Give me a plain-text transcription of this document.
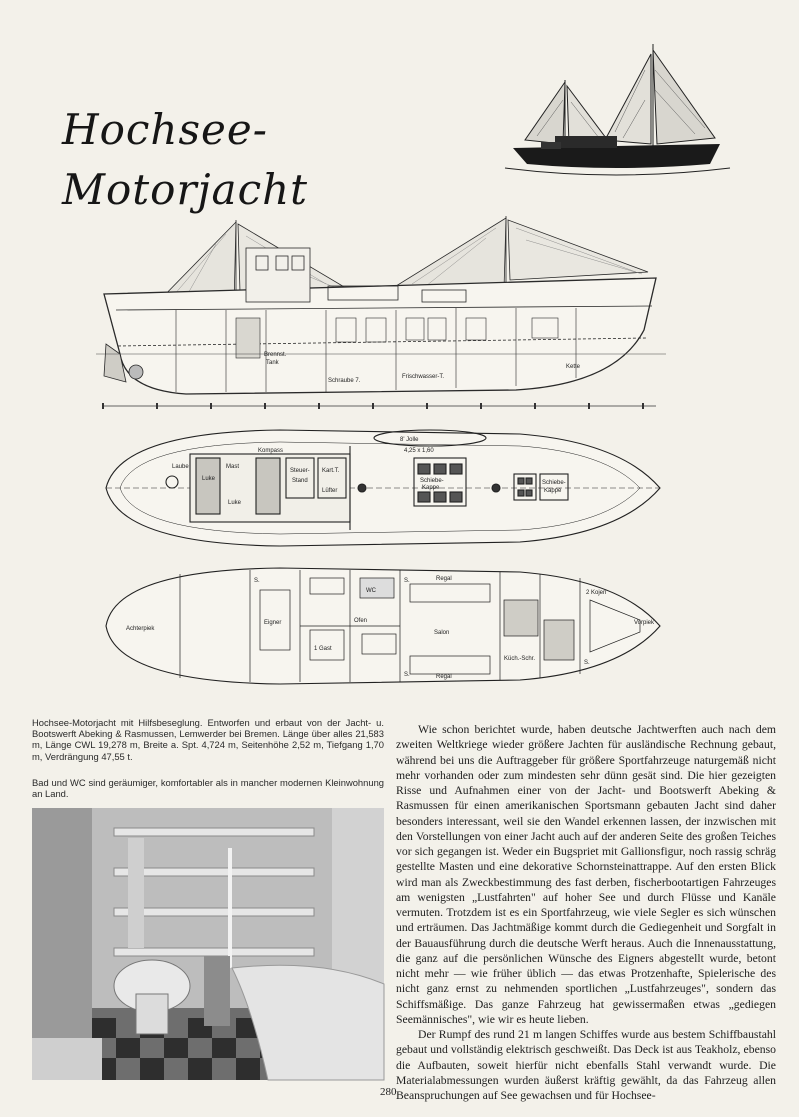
Hochsee-Motorjacht
Brennst.
Tank
Schraube 7.
Frischwasser-T.
Kette
8' Jolle
4,25 x 1,60
Laube
Luke
Luke
Mast
Kompass
Steuer-
Stand
Kart.T.
Lüfter
Schiebe-
Kappe
Schiebe-
Kappe
Achterpiek
Eigner
1 Gast
Salon
Regal
Regal
Küch.-Schr.
Vorpiek
S.	S.
S.
S.
WC
Ofen
2 Kojen
Hochsee-Motorjacht mit Hilfsbeseglung. Entworfen und erbaut von der Jacht- u. Bootswerft Abeking & Rasmussen, Lemwerder bei Bremen. Länge über alles 21,583 m, Länge CWL 19,278 m, Breite a. Spt. 4,724 m, Seitenhöhe 2,52 m, Tiefgang 1,70 m, Verdrängung 47,55 t.
Bad und WC sind geräumiger, komfortabler als in mancher modernen Kleinwohnung an Land.

Wie schon berichtet wurde, haben deutsche Jachtwerften auch nach dem zweiten Weltkriege wieder größere Jachten für ausländische Rechnung gebaut, während bei uns die Auftraggeber für größere Sportfahrzeuge naturgemäß nicht mehr vorhanden oder zum mindesten sehr dünn gesät sind. Die hier gezeigten Risse und Aufnahmen einer von der Jacht- und Bootswerft Abeking & Rasmussen für einen amerikanischen Sportsmann gebauten Jacht sind daher besonders interessant, weil sie den Wandel erkennen lassen, der inzwischen mit den Vorstellungen von einer Jacht auch auf der anderen Seite des großen Teiches vor sich gegangen ist. Weder ein Bugspriet mit Gallionsfigur, noch rassig schräg gestellte Masten und eine dekorative Schornsteinattrappe. Auf den ersten Blick wird man als Zweckbestimmung des fast derben, fischerbootartigen Fahrzeuges am wenigsten „Lustfahrten" auf hoher See und durch Flüsse und Kanäle vermuten. Trotzdem ist es ein Sportfahrzeug, wie viele Segler es sich wünschen und erträumen. Das Jachtmäßige kommt durch die Gediegenheit und Sorgfalt in der Bauausführung durch die deutsche Werft heraus. Auch die Innenausstattung, die ganz auf die persönlichen Wünsche des Eigners abgestellt wurde, betont nicht mehr — wie früher üblich — das etwas Protzenhafte, Spielerische des nicht ganz ernst zu nehmenden sportlichen „Lustfahrzeuges", sondern das Schiffsmäßige. Das ganze Fahrzeug hat gewissermaßen etwas „gediegen Seemännisches", wie wir es heute lieben.

Der Rumpf des rund 21 m langen Schiffes wurde aus bestem Schiffbaustahl gebaut und vollständig elektrisch geschweißt. Das Deck ist aus Teakholz, ebenso die Aufbauten, soweit hierfür nicht ebenfalls Stahl verwandt wurde. Die Materialabmessungen wurden äußerst kräftig gewählt, da das Fahrzeug allen Beanspruchungen auf See gewachsen und für Hochsee-

280
